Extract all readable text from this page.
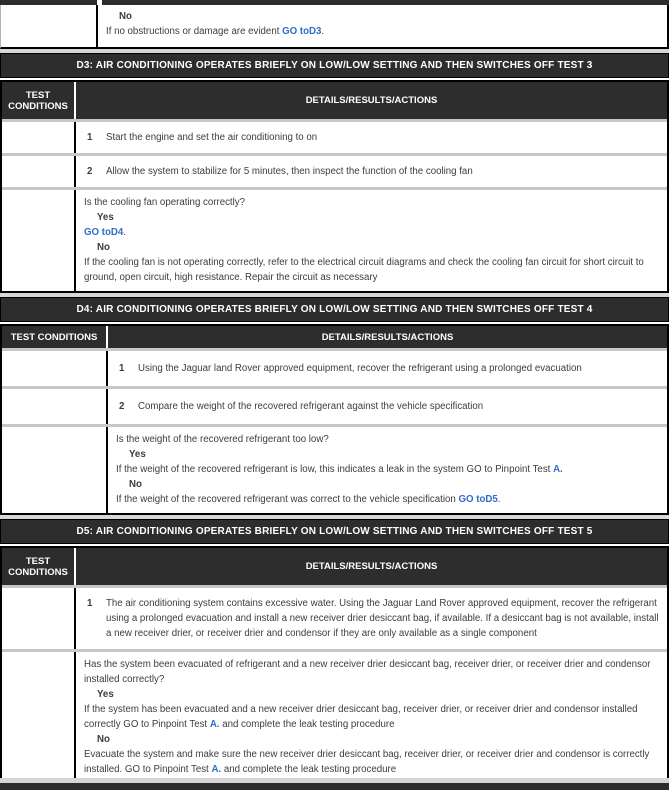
No
If no obstructions or damage are evident GO toD3.
D3: AIR CONDITIONING OPERATES BRIEFLY ON LOW/LOW SETTING AND THEN SWITCHES OFF TEST 3
TEST CONDITIONS	DETAILS/RESULTS/ACTIONS
1	Start the engine and set the air conditioning to on
2	Allow the system to stabilize for 5 minutes, then inspect the function of the cooling fan
Is the cooling fan operating correctly?
Yes
GO toD4.
No
If the cooling fan is not operating correctly, refer to the electrical circuit diagrams and check the cooling fan circuit for short circuit to ground, open circuit, high resistance. Repair the circuit as necessary
D4: AIR CONDITIONING OPERATES BRIEFLY ON LOW/LOW SETTING AND THEN SWITCHES OFF TEST 4
TEST CONDITIONS	DETAILS/RESULTS/ACTIONS
1	Using the Jaguar land Rover approved equipment, recover the refrigerant using a prolonged evacuation
2	Compare the weight of the recovered refrigerant against the vehicle specification
Is the weight of the recovered refrigerant too low?
Yes
If the weight of the recovered refrigerant is low, this indicates a leak in the system GO to Pinpoint Test A.
No
If the weight of the recovered refrigerant was correct to the vehicle specification GO toD5.
D5: AIR CONDITIONING OPERATES BRIEFLY ON LOW/LOW SETTING AND THEN SWITCHES OFF TEST 5
TEST CONDITIONS	DETAILS/RESULTS/ACTIONS
1	The air conditioning system contains excessive water. Using the Jaguar Land Rover approved equipment, recover the refrigerant using a prolonged evacuation and install a new receiver drier desiccant bag, if available. If a desiccant bag is not available, install a new receiver drier, or receiver drier and condensor if they are only available as a single component
Has the system been evacuated of refrigerant and a new receiver drier desiccant bag, receiver drier, or receiver drier and condensor installed correctly?
Yes
If the system has been evacuated and a new receiver drier desiccant bag, receiver drier, or receiver drier and condensor installed correctly GO to Pinpoint Test A. and complete the leak testing procedure
No
Evacuate the system and make sure the new receiver drier desiccant bag, receiver drier, or receiver drier and condensor is correctly installed. GO to Pinpoint Test A. and complete the leak testing procedure
